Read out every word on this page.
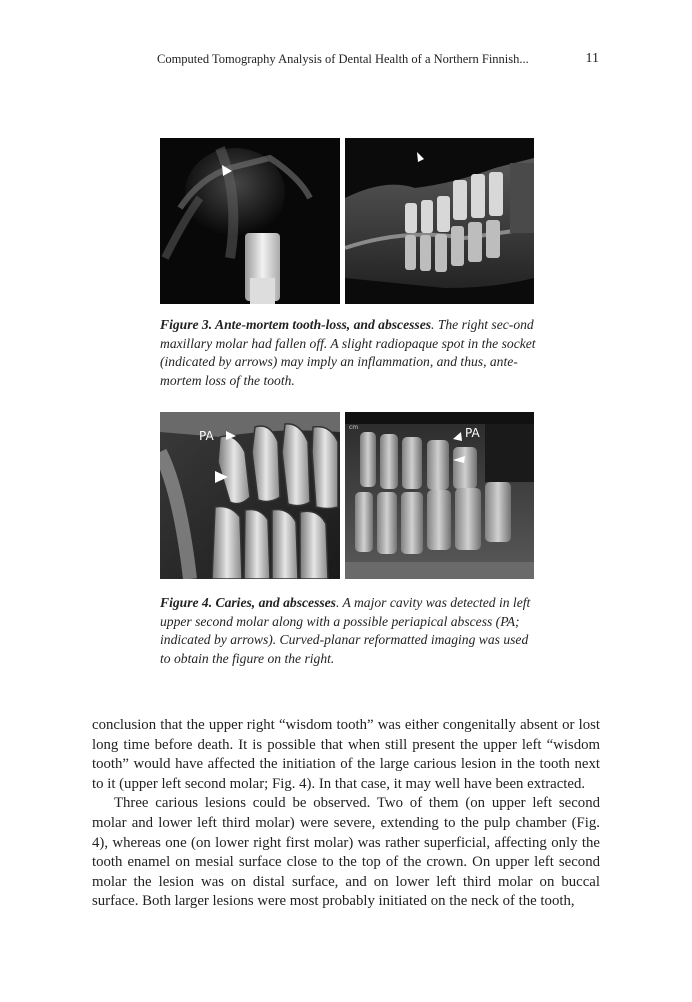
Computed Tomography Analysis of Dental Health of a Northern Finnish...	11
Figure 3. Ante-mortem tooth-loss, and abscesses. The right sec-ond maxillary molar had fallen off. A slight radiopaque spot in the socket (indicated by arrows) may imply an inflammation, and thus, ante-mortem loss of the tooth.
PA
cm	PA
Figure 4. Caries, and abscesses. A major cavity was detected in left upper second molar along with a possible periapical abscess (PA; indicated by arrows). Curved-planar reformatted imaging was used to obtain the figure on the right.

conclusion that the upper right “wisdom tooth” was either congenitally absent or lost long time before death. It is possible that when still present the upper left “wisdom tooth” would have affected the initiation of the large carious lesion in the tooth next to it (upper left second molar; Fig. 4). In that case, it may well have been extracted.

Three carious lesions could be observed. Two of them (on upper left second molar and lower left third molar) were severe, extending to the pulp chamber (Fig. 4), whereas one (on lower right first molar) was rather superficial, affecting only the tooth enamel on mesial surface close to the top of the crown. On upper left second molar the lesion was on distal surface, and on lower left third molar on buccal surface. Both larger lesions were most probably initiated on the neck of the tooth,
